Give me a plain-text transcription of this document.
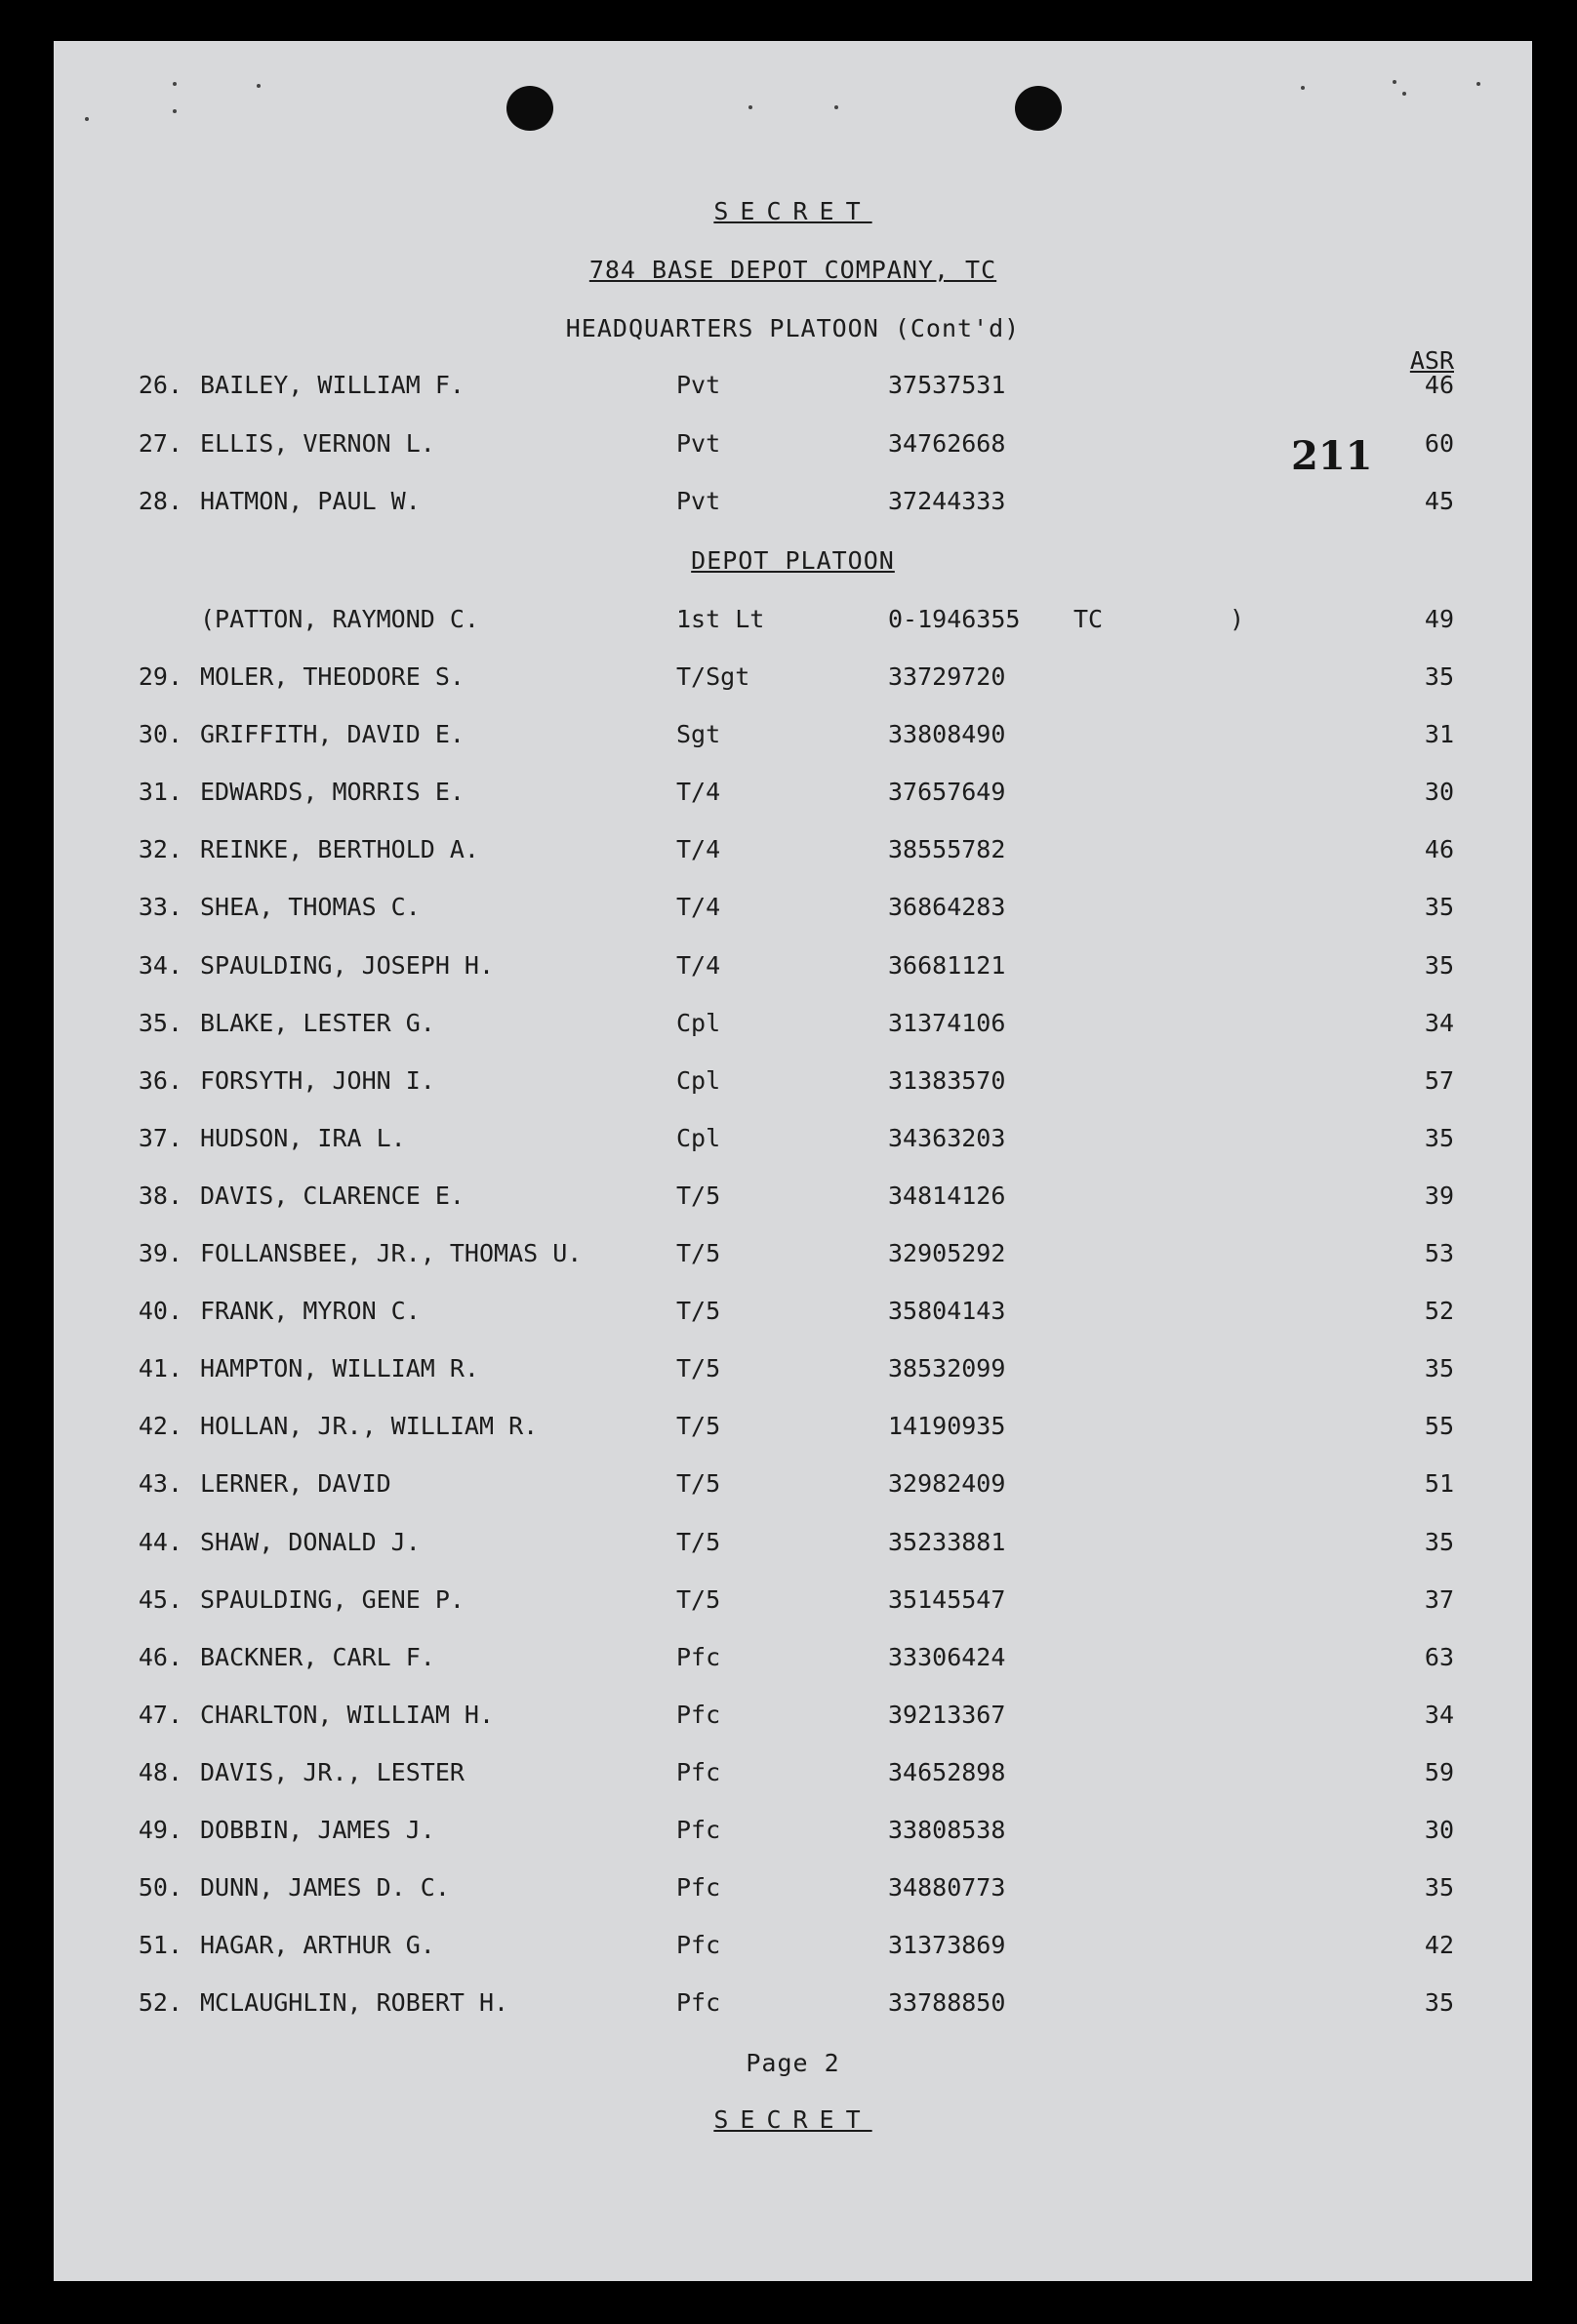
SECRET
784 BASE DEPOT COMPANY, TC
HEADQUARTERS PLATOON (Cont'd)
ASR
26. BAILEY, WILLIAM F.	Pvt	37537531	46
27. ELLIS, VERNON L.	Pvt	34762668	60
28. HATMON, PAUL W.	Pvt	37244333	45
211
DEPOT PLATOON
(PATTON, RAYMOND C.	1st Lt	0-1946355 TC	)	49
29. MOLER, THEODORE S.	T/Sgt	33729720	35
30. GRIFFITH, DAVID E.	Sgt	33808490	31
31. EDWARDS, MORRIS E.	T/4	37657649	30
32. REINKE, BERTHOLD A.	T/4	38555782	46
33. SHEA, THOMAS C.	T/4	36864283	35
34. SPAULDING, JOSEPH H.	T/4	36681121	35
35. BLAKE, LESTER G.	Cpl	31374106	34
36. FORSYTH, JOHN I.	Cpl	31383570	57
37. HUDSON, IRA L.	Cpl	34363203	35
38. DAVIS, CLARENCE E.	T/5	34814126	39
39. FOLLANSBEE, JR., THOMAS U.	T/5	32905292	53
40. FRANK, MYRON C.	T/5	35804143	52
41. HAMPTON, WILLIAM R.	T/5	38532099	35
42. HOLLAN, JR., WILLIAM R.	T/5	14190935	55
43. LERNER, DAVID	T/5	32982409	51
44. SHAW, DONALD J.	T/5	35233881	35
45. SPAULDING, GENE P.	T/5	35145547	37
46. BACKNER, CARL F.	Pfc	33306424	63
47. CHARLTON, WILLIAM H.	Pfc	39213367	34
48. DAVIS, JR., LESTER	Pfc	34652898	59
49. DOBBIN, JAMES J.	Pfc	33808538	30
50. DUNN, JAMES D. C.	Pfc	34880773	35
51. HAGAR, ARTHUR G.	Pfc	31373869	42
52. MCLAUGHLIN, ROBERT H.	Pfc	33788850	35
Page 2
SECRET
